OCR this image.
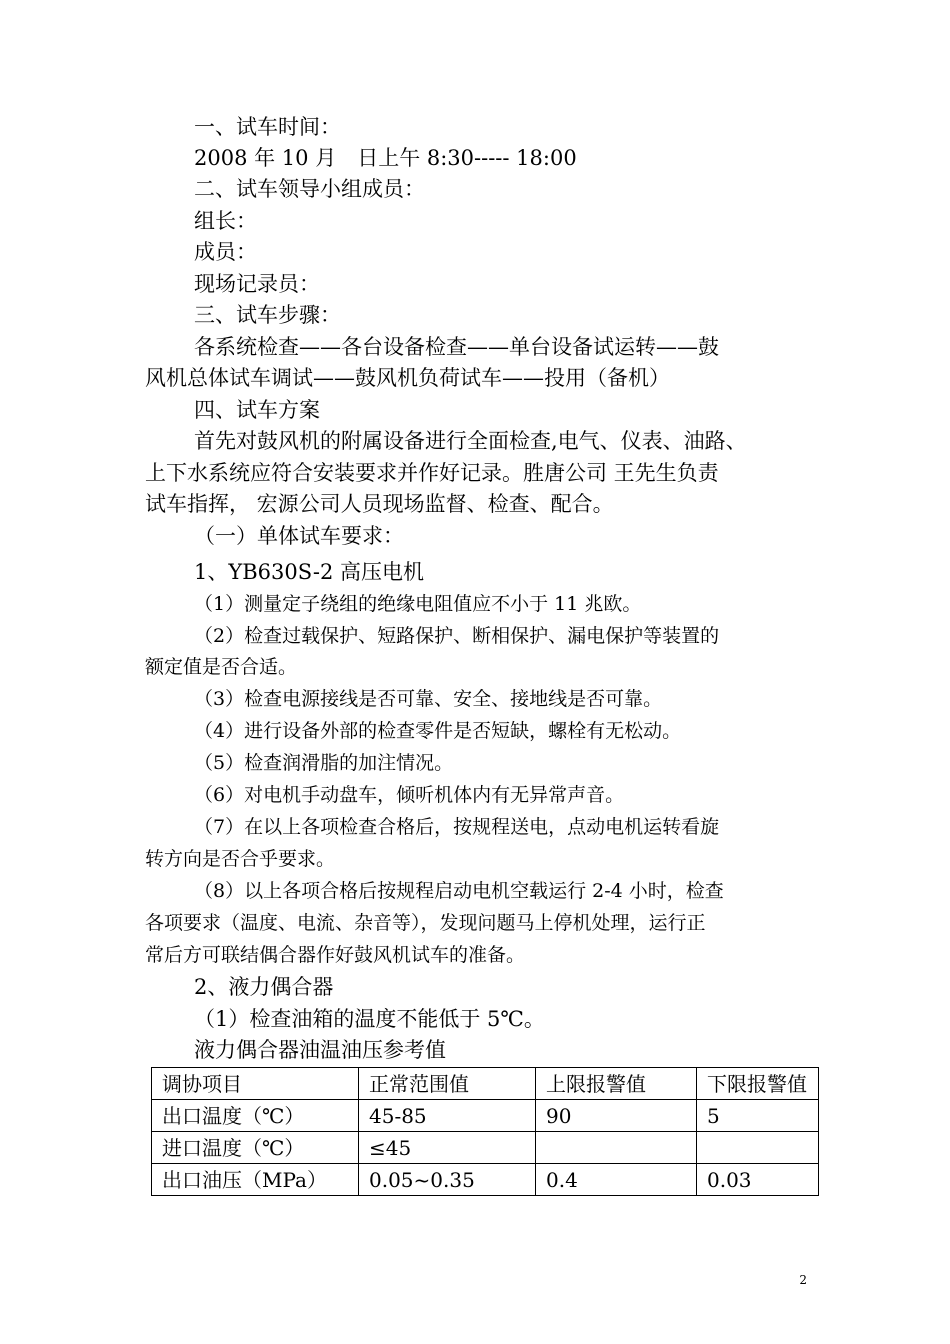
一、试车时间：
2008 年 10 月　日上午 8:30----- 18:00
二、试车领导小组成员：
组长：
成员：
现场记录员：
三、试车步骤：
各系统检查——各台设备检查——单台设备试运转——鼓
风机总体试车调试——鼓风机负荷试车——投用（备机）
四、试车方案
首先对鼓风机的附属设备进行全面检查,电气、仪表、油路、
上下水系统应符合安装要求并作好记录。胜唐公司 王先生负责
试车指挥， 宏源公司人员现场监督、检查、配合。
（一）单体试车要求：
1、YB630S-2 高压电机
（1）测量定子绕组的绝缘电阻值应不小于 11 兆欧。
（2）检查过载保护、短路保护、断相保护、漏电保护等装置的
额定值是否合适。
（3）检查电源接线是否可靠、安全、接地线是否可靠。
（4）进行设备外部的检查零件是否短缺，螺栓有无松动。
（5）检查润滑脂的加注情况。
（6）对电机手动盘车，倾听机体内有无异常声音。
（7）在以上各项检查合格后，按规程送电，点动电机运转看旋
转方向是否合乎要求。
（8）以上各项合格后按规程启动电机空载运行 2-4 小时，检查
各项要求（温度、电流、杂音等），发现问题马上停机处理，运行正
常后方可联结偶合器作好鼓风机试车的准备。
2、液力偶合器
（1）检查油箱的温度不能低于 5℃。
液力偶合器油温油压参考值
调协项目	正常范围值	上限报警值	下限报警值
出口温度（℃）	45-85	90	5
进口温度（℃）	≤45		
出口油压（MPa）	0.05~0.35	0.4	0.03
2
